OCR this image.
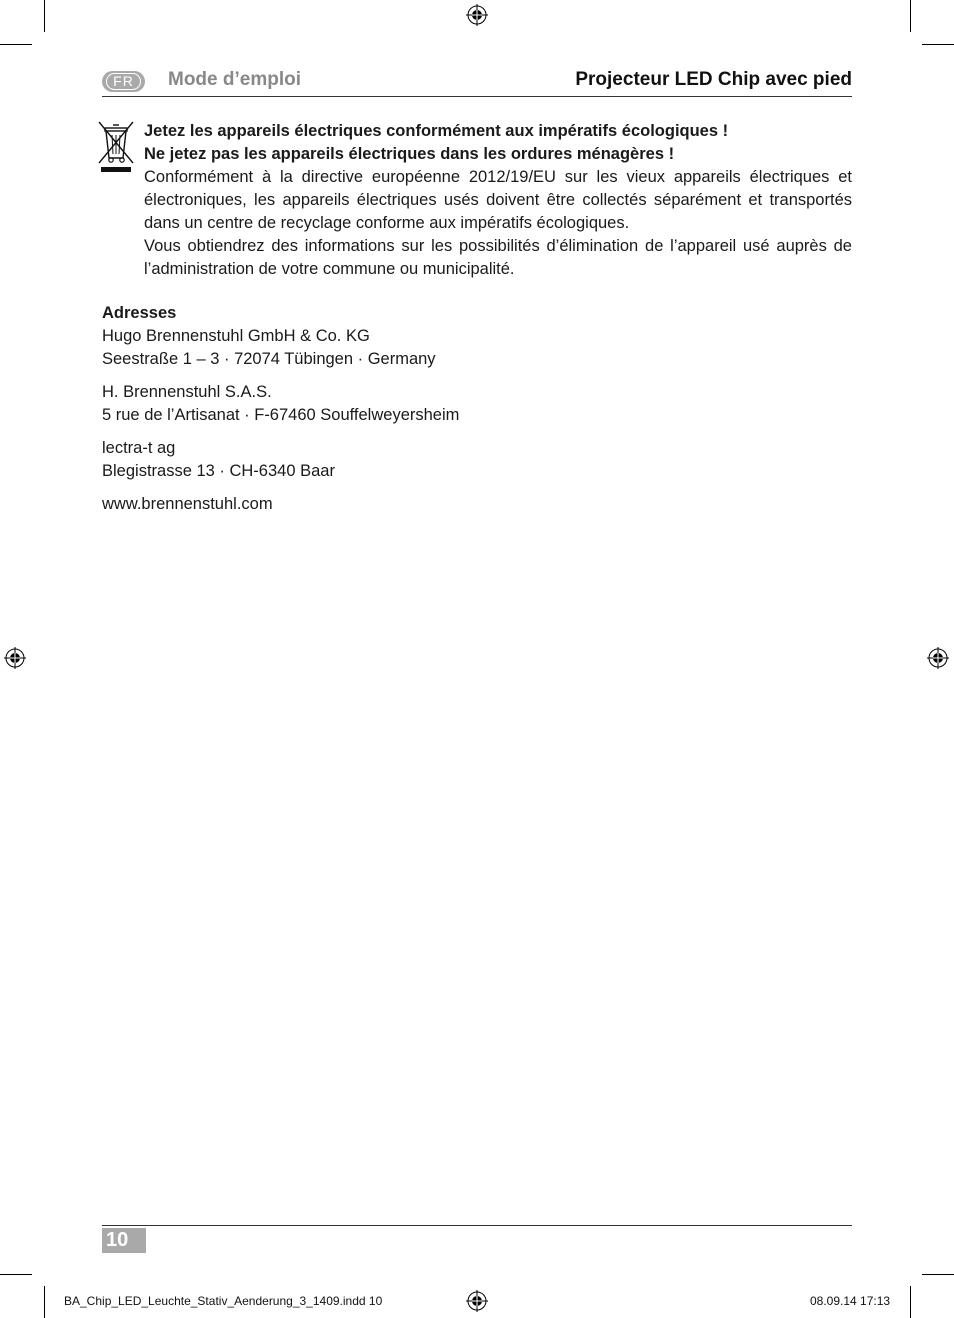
FR	Mode d’emploi	Projecteur LED Chip avec pied

Jetez les appareils électriques conformément aux impératifs écologiques !

Ne jetez pas les appareils électriques dans les ordures ménagères !

Conformément à la directive européenne 2012/19/EU sur les vieux appareils électriques et électroniques, les appareils électriques usés doivent être collectés séparément et transportés dans un centre de recyclage conforme aux impératifs écologiques.

Vous obtiendrez des informations sur les possibilités d’élimination de l’appareil usé auprès de l’administration de votre commune ou municipalité.

Adresses
Hugo Brennenstuhl GmbH & Co. KG
Seestraße 1 – 3 · 72074 Tübingen · Germany
H. Brennenstuhl S.A.S.
5 rue de l’Artisanat · F-67460 Souffelweyersheim
lectra-t ag
Blegistrasse 13 · CH-6340 Baar
www.brennenstuhl.com
10
BA_Chip_LED_Leuchte_Stativ_Aenderung_3_1409.indd 10	08.09.14 17:13
